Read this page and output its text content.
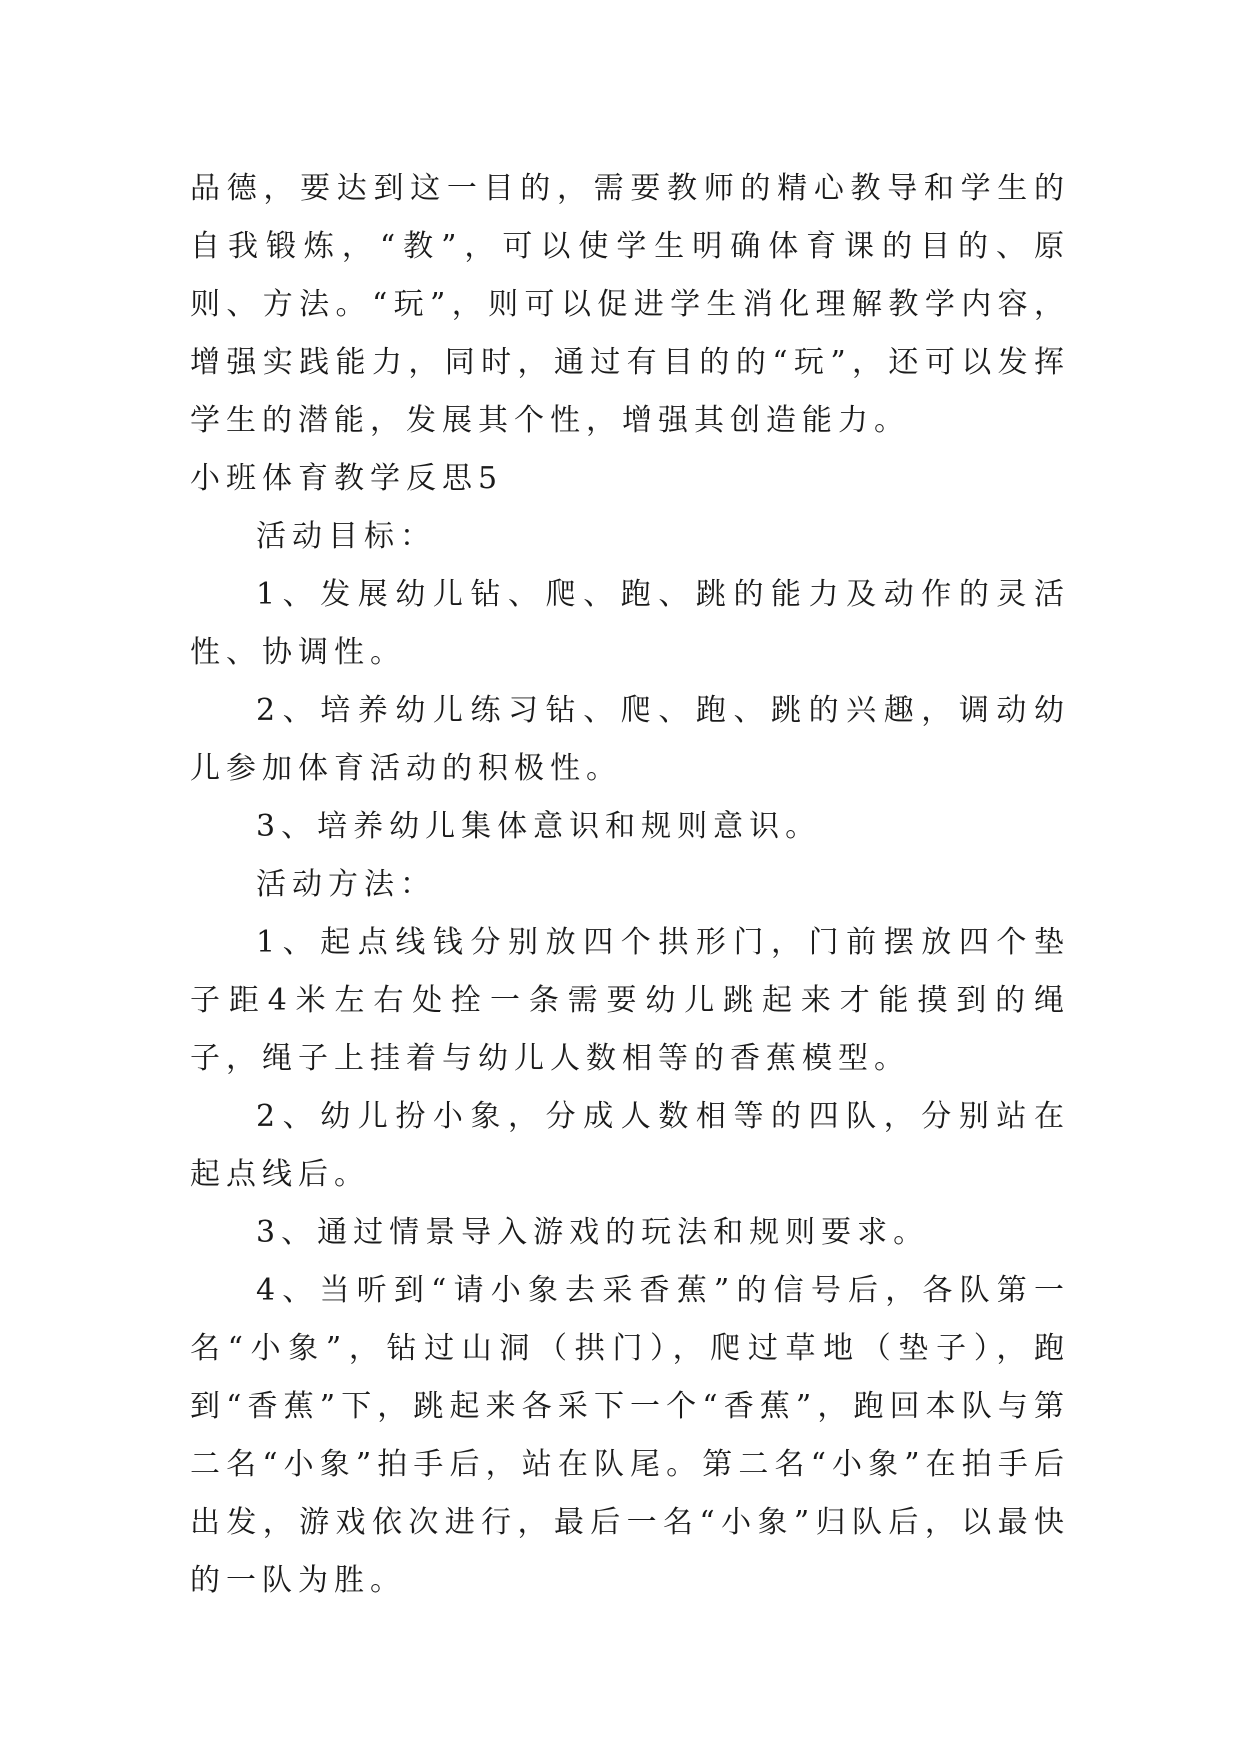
品德，要达到这一目的，需要教师的精心教导和学生的自我锻炼，“教”，可以使学生明确体育课的目的、原则、方法。“玩”，则可以促进学生消化理解教学内容，增强实践能力，同时，通过有目的的“玩”，还可以发挥学生的潜能，发展其个性，增强其创造能力。

小班体育教学反思5

活动目标：

1、发展幼儿钻、爬、跑、跳的能力及动作的灵活性、协调性。

2、培养幼儿练习钻、爬、跑、跳的兴趣，调动幼儿参加体育活动的积极性。

3、培养幼儿集体意识和规则意识。

活动方法：

1、起点线钱分别放四个拱形门，门前摆放四个垫子距4米左右处拴一条需要幼儿跳起来才能摸到的绳子，绳子上挂着与幼儿人数相等的香蕉模型。

2、幼儿扮小象，分成人数相等的四队，分别站在起点线后。

3、通过情景导入游戏的玩法和规则要求。

4、当听到“请小象去采香蕉”的信号后，各队第一名“小象”，钻过山洞（拱门），爬过草地（垫子），跑到“香蕉”下，跳起来各采下一个“香蕉”，跑回本队与第二名“小象”拍手后，站在队尾。第二名“小象”在拍手后出发，游戏依次进行，最后一名“小象”归队后，以最快的一队为胜。
